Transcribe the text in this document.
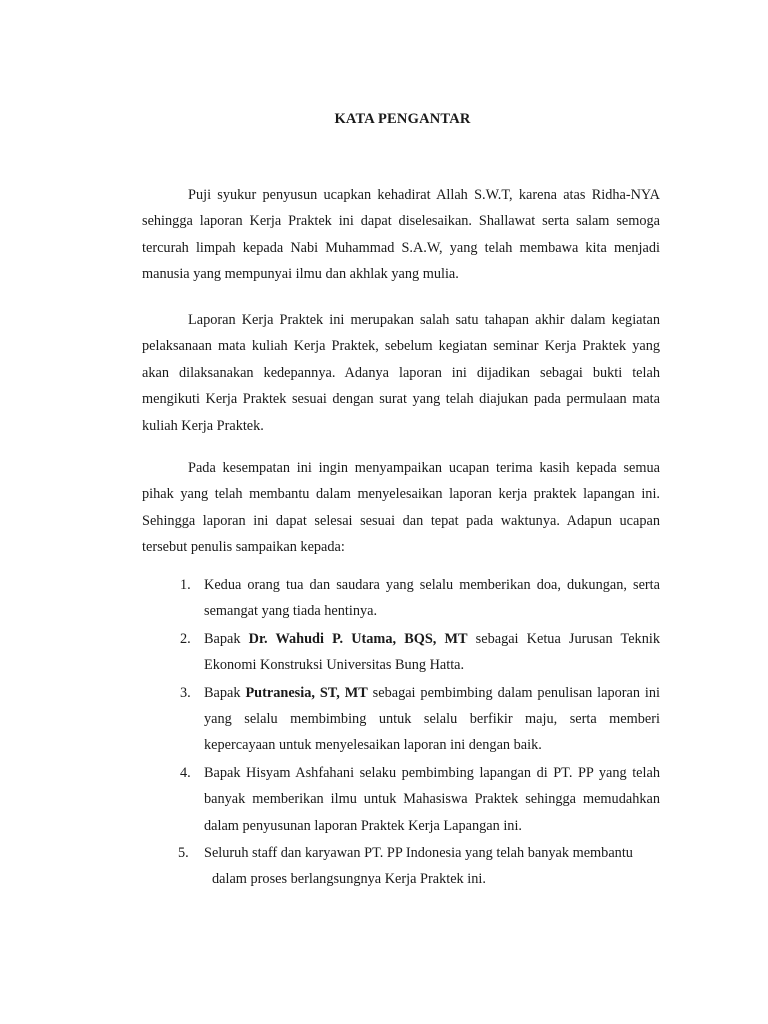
KATA PENGANTAR

Puji syukur penyusun ucapkan kehadirat Allah S.W.T, karena atas Ridha-NYA sehingga laporan Kerja Praktek ini dapat diselesaikan. Shallawat serta salam semoga tercurah limpah kepada Nabi Muhammad S.A.W, yang telah membawa kita menjadi manusia yang mempunyai ilmu dan akhlak yang mulia.

Laporan Kerja Praktek ini merupakan salah satu tahapan akhir dalam kegiatan pelaksanaan mata kuliah Kerja Praktek, sebelum kegiatan seminar Kerja Praktek yang akan dilaksanakan kedepannya. Adanya laporan ini dijadikan sebagai bukti telah mengikuti Kerja Praktek sesuai dengan surat yang telah diajukan pada permulaan mata kuliah Kerja Praktek.

Pada kesempatan ini ingin menyampaikan ucapan terima kasih kepada semua pihak yang telah membantu dalam menyelesaikan laporan kerja praktek lapangan ini. Sehingga laporan ini dapat selesai sesuai dan tepat pada waktunya. Adapun ucapan tersebut penulis sampaikan kepada:

1. Kedua orang tua dan saudara yang selalu memberikan doa, dukungan, serta semangat yang tiada hentinya.
2. Bapak Dr. Wahudi P. Utama, BQS, MT sebagai Ketua Jurusan Teknik Ekonomi Konstruksi Universitas Bung Hatta.
3. Bapak Putranesia, ST, MT sebagai pembimbing dalam penulisan laporan ini yang selalu membimbing untuk selalu berfikir maju, serta memberi kepercayaan untuk menyelesaikan laporan ini dengan baik.
4. Bapak Hisyam Ashfahani selaku pembimbing lapangan di PT. PP yang telah banyak memberikan ilmu untuk Mahasiswa Praktek sehingga memudahkan dalam penyusunan laporan Praktek Kerja Lapangan ini.
5. Seluruh staff dan karyawan PT. PP Indonesia yang telah banyak membantu
dalam proses berlangsungnya Kerja Praktek ini.
